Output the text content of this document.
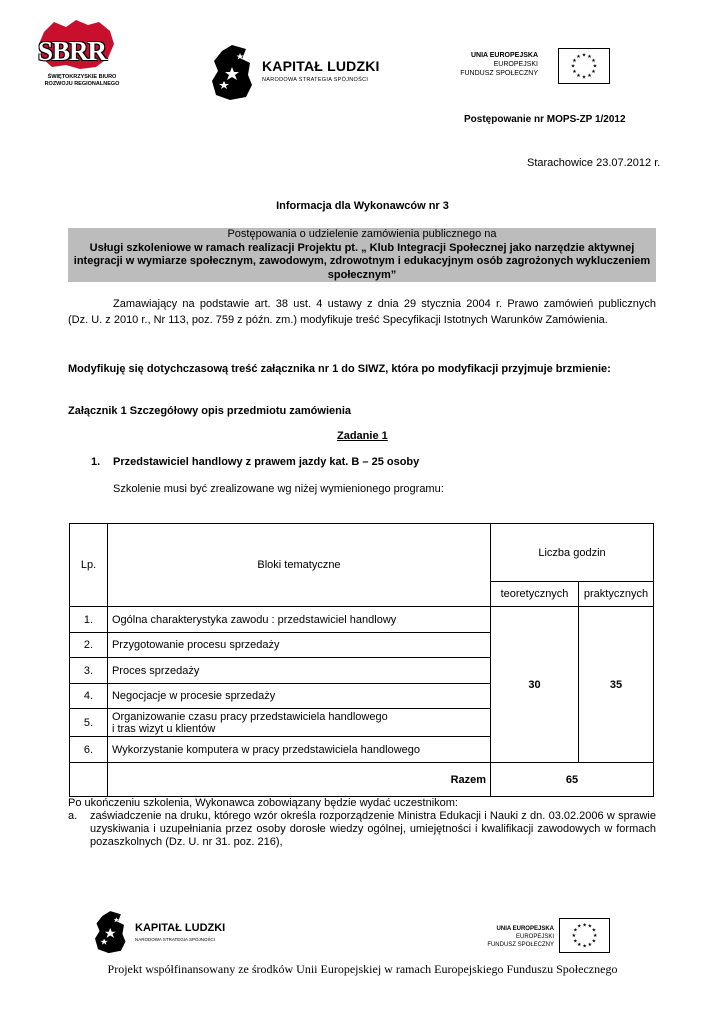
SBRR
ŚWIĘTOKRZYSKIE BIURO
ROZWOJU REGIONALNEGO
KAPITAŁ LUDZKI
NARODOWA STRATEGIA SPÓJNOŚCI
UNIA EUROPEJSKA
EUROPEJSKI
FUNDUSZ SPOŁECZNY
★
★
★
★
★
★
★
★
★ ★ ★
★
Postępowanie nr MOPS-ZP 1/2012
Starachowice 23.07.2012 r.
Informacja dla Wykonawców nr 3
Postępowania o udzielenie zamówienia publicznego na
Usługi szkoleniowe w ramach realizacji Projektu pt. „ Klub Integracji Społecznej jako narzędzie aktywnej
integracji w wymiarze społecznym, zawodowym, zdrowotnym i edukacyjnym osób zagrożonych wykluczeniem
społecznym”
Zamawiający na podstawie art. 38 ust. 4 ustawy z dnia 29 stycznia 2004 r. Prawo zamówień publicznych
(Dz. U. z 2010 r., Nr 113, poz. 759 z późn. zm.) modyfikuje treść Specyfikacji Istotnych Warunków Zamówienia.
Modyfikuję się dotychczasową treść załącznika nr 1 do SIWZ, która po modyfikacji przyjmuje brzmienie:
Załącznik 1 Szczegółowy opis przedmiotu zamówienia
Zadanie 1
1. Przedstawiciel handlowy z prawem jazdy kat. B – 25 osoby
Szkolenie musi być zrealizowane wg niżej wymienionego programu:
Lp.	Bloki tematyczne	Liczba godzin	
		teoretycznych	praktycznych
1.	Ogólna charakterystyka zawodu : przedstawiciel handlowy	30	35
2.	Przygotowanie procesu sprzedaży		
3.	Proces sprzedaży		
4.	Negocjacje w procesie sprzedaży		
5.	Organizowanie czasu pracy przedstawiciela handlowego
i tras wizyt u klientów		

6.	Wykorzystanie komputera w pracy przedstawiciela handlowego		
	Razem	65	
Po ukończeniu szkolenia, Wykonawca zobowiązany będzie wydać uczestnikom:
a. zaświadczenie na druku, którego wzór określa rozporządzenie Ministra Edukacji i Nauki z dn. 03.02.2006 w sprawie
uzyskiwania i uzupełniania przez osoby dorosłe wiedzy ogólnej, umiejętności i kwalifikacji zawodowych w formach
pozaszkolnych (Dz. U. nr 31. poz. 216),
KAPITAŁ LUDZKI
NARODOWA STRATEGIA SPÓJNOŚCI
UNIA EUROPEJSKA
EUROPEJSKI
FUNDUSZ SPOŁECZNY
★
★
★
★
★
★
★
★
★ ★ ★
★
Projekt współfinansowany ze środków Unii Europejskiej w ramach Europejskiego Funduszu Społecznego
